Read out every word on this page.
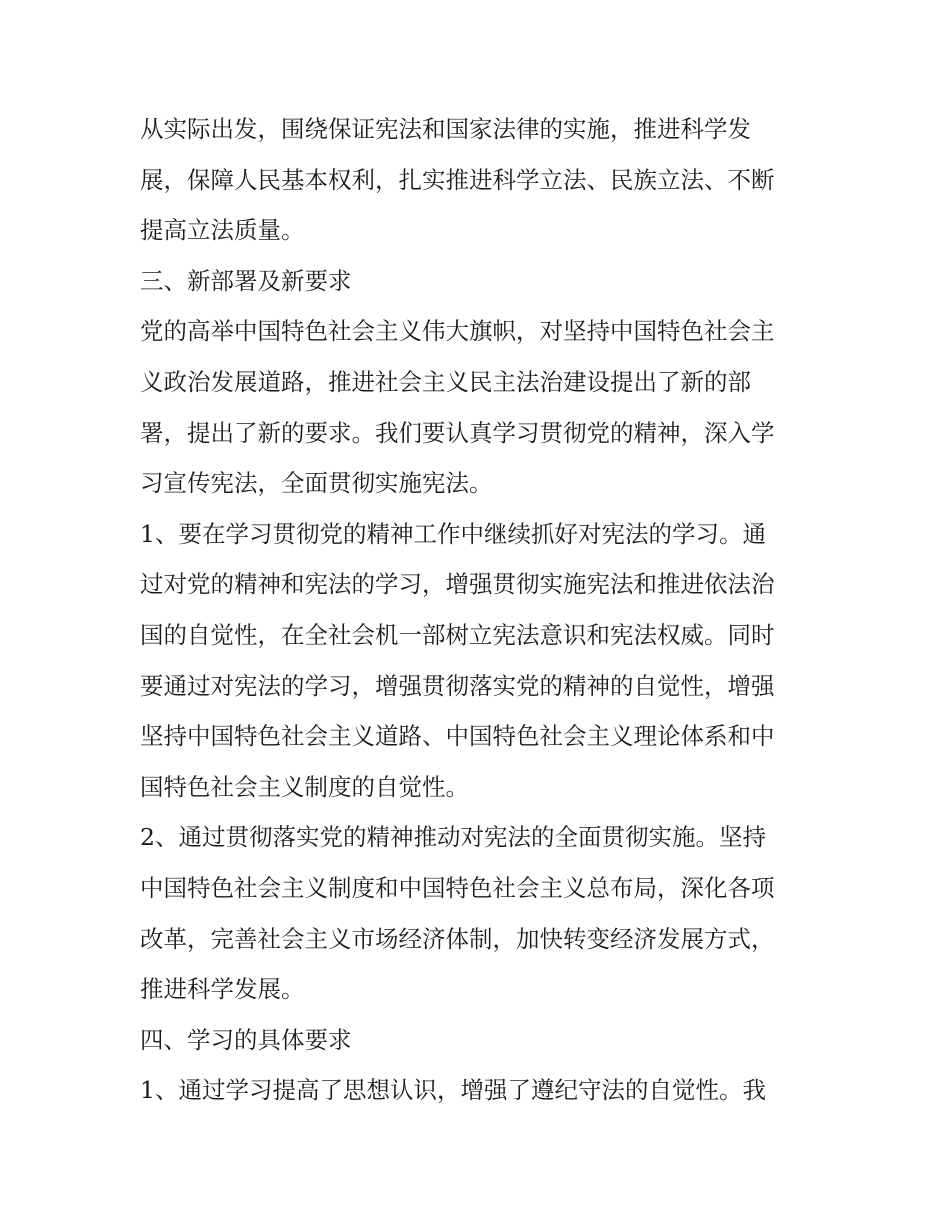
从实际出发，围绕保证宪法和国家法律的实施，推进科学发
展，保障人民基本权利，扎实推进科学立法、民族立法、不断
提高立法质量。
三、新部署及新要求
党的高举中国特色社会主义伟大旗帜，对坚持中国特色社会主
义政治发展道路，推进社会主义民主法治建设提出了新的部
署，提出了新的要求。我们要认真学习贯彻党的精神，深入学
习宣传宪法，全面贯彻实施宪法。
1、要在学习贯彻党的精神工作中继续抓好对宪法的学习。通
过对党的精神和宪法的学习，增强贯彻实施宪法和推进依法治
国的自觉性，在全社会机一部树立宪法意识和宪法权威。同时
要通过对宪法的学习，增强贯彻落实党的精神的自觉性，增强
坚持中国特色社会主义道路、中国特色社会主义理论体系和中
国特色社会主义制度的自觉性。
2、通过贯彻落实党的精神推动对宪法的全面贯彻实施。坚持
中国特色社会主义制度和中国特色社会主义总布局，深化各项
改革，完善社会主义市场经济体制，加快转变经济发展方式，
推进科学发展。
四、学习的具体要求
1、通过学习提高了思想认识，增强了遵纪守法的自觉性。我
